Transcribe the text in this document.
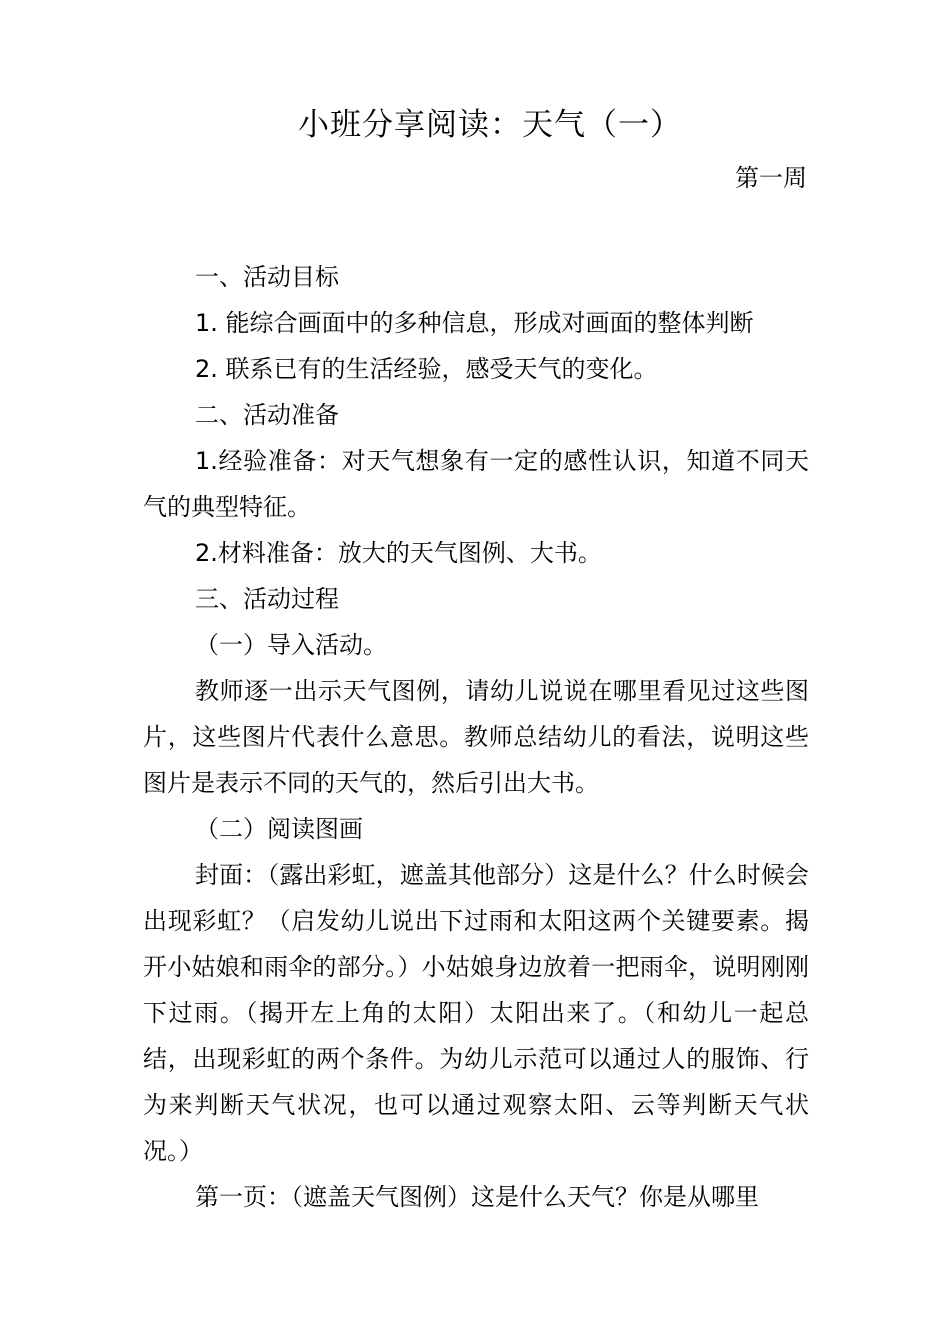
小班分享阅读：天气（一）
第一周

一、活动目标

1. 能综合画面中的多种信息，形成对画面的整体判断

2. 联系已有的生活经验，感受天气的变化。

二、活动准备

1.经验准备：对天气想象有一定的感性认识，知道不同天气的典型特征。

2.材料准备：放大的天气图例、大书。

三、活动过程

（一）导入活动。

教师逐一出示天气图例，请幼儿说说在哪里看见过这些图片，这些图片代表什么意思。教师总结幼儿的看法，说明这些图片是表示不同的天气的，然后引出大书。

（二）阅读图画

封面：（露出彩虹，遮盖其他部分）这是什么？什么时候会出现彩虹？（启发幼儿说出下过雨和太阳这两个关键要素。揭开小姑娘和雨伞的部分。）小姑娘身边放着一把雨伞，说明刚刚下过雨。（揭开左上角的太阳）太阳出来了。（和幼儿一起总结，出现彩虹的两个条件。为幼儿示范可以通过人的服饰、行为来判断天气状况，也可以通过观察太阳、云等判断天气状况。）

第一页：（遮盖天气图例）这是什么天气？你是从哪里
